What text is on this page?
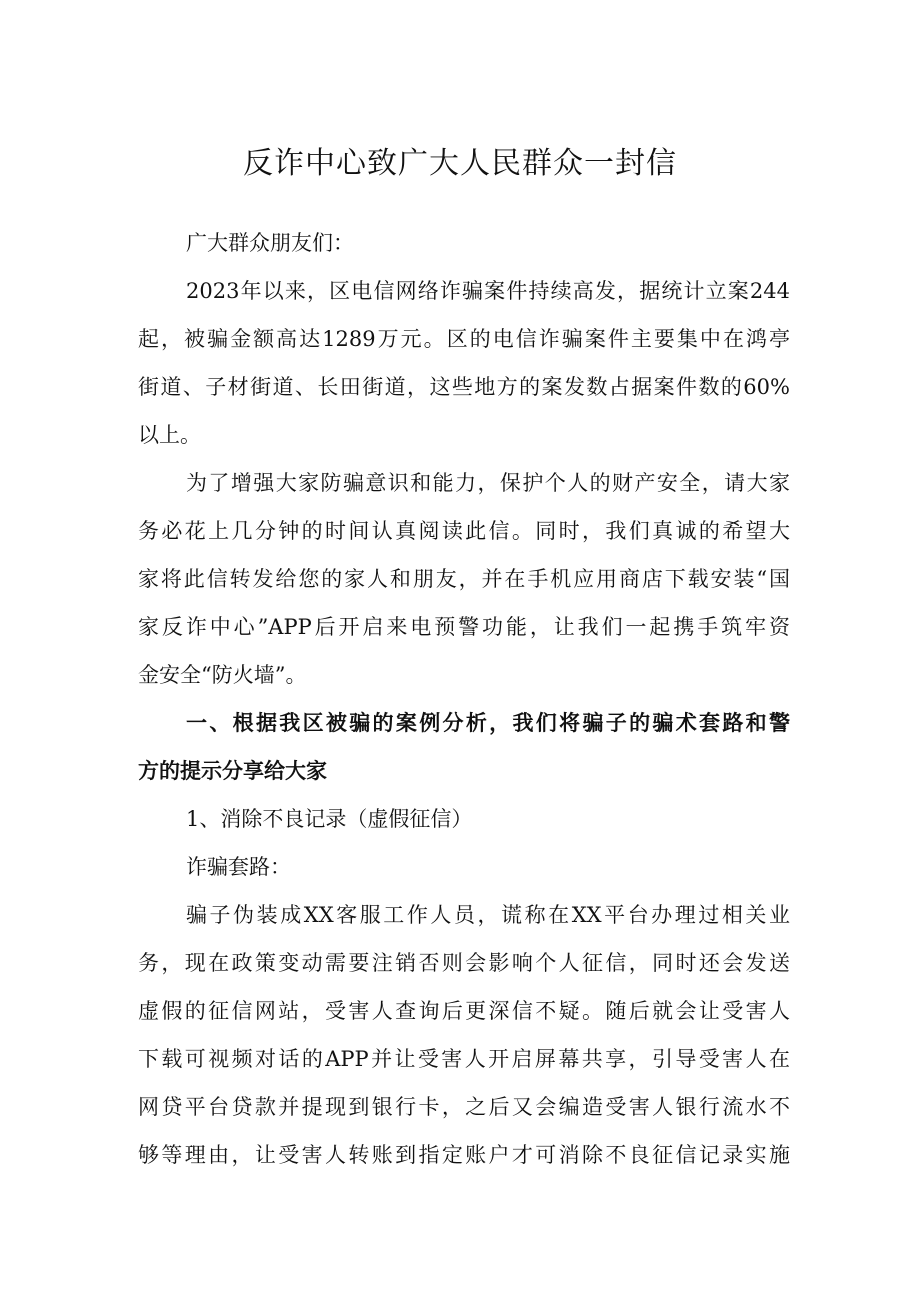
反诈中心致广大人民群众一封信
广大群众朋友们：
2023年以来，区电信网络诈骗案件持续高发，据统计立案244
起，被骗金额高达1289万元。区的电信诈骗案件主要集中在鸿亭
街道、子材街道、长田街道，这些地方的案发数占据案件数的60%
以上。
为了增强大家防骗意识和能力，保护个人的财产安全，请大家
务必花上几分钟的时间认真阅读此信。同时，我们真诚的希望大
家将此信转发给您的家人和朋友，并在手机应用商店下载安装“国
家反诈中心”APP后开启来电预警功能，让我们一起携手筑牢资
金安全“防火墙”。
一、根据我区被骗的案例分析，我们将骗子的骗术套路和警
方的提示分享给大家
1、消除不良记录（虚假征信）
诈骗套路：
骗子伪装成XX客服工作人员，谎称在XX平台办理过相关业
务，现在政策变动需要注销否则会影响个人征信，同时还会发送
虚假的征信网站，受害人查询后更深信不疑。随后就会让受害人
下载可视频对话的APP并让受害人开启屏幕共享，引导受害人在
网贷平台贷款并提现到银行卡，之后又会编造受害人银行流水不
够等理由，让受害人转账到指定账户才可消除不良征信记录实施
